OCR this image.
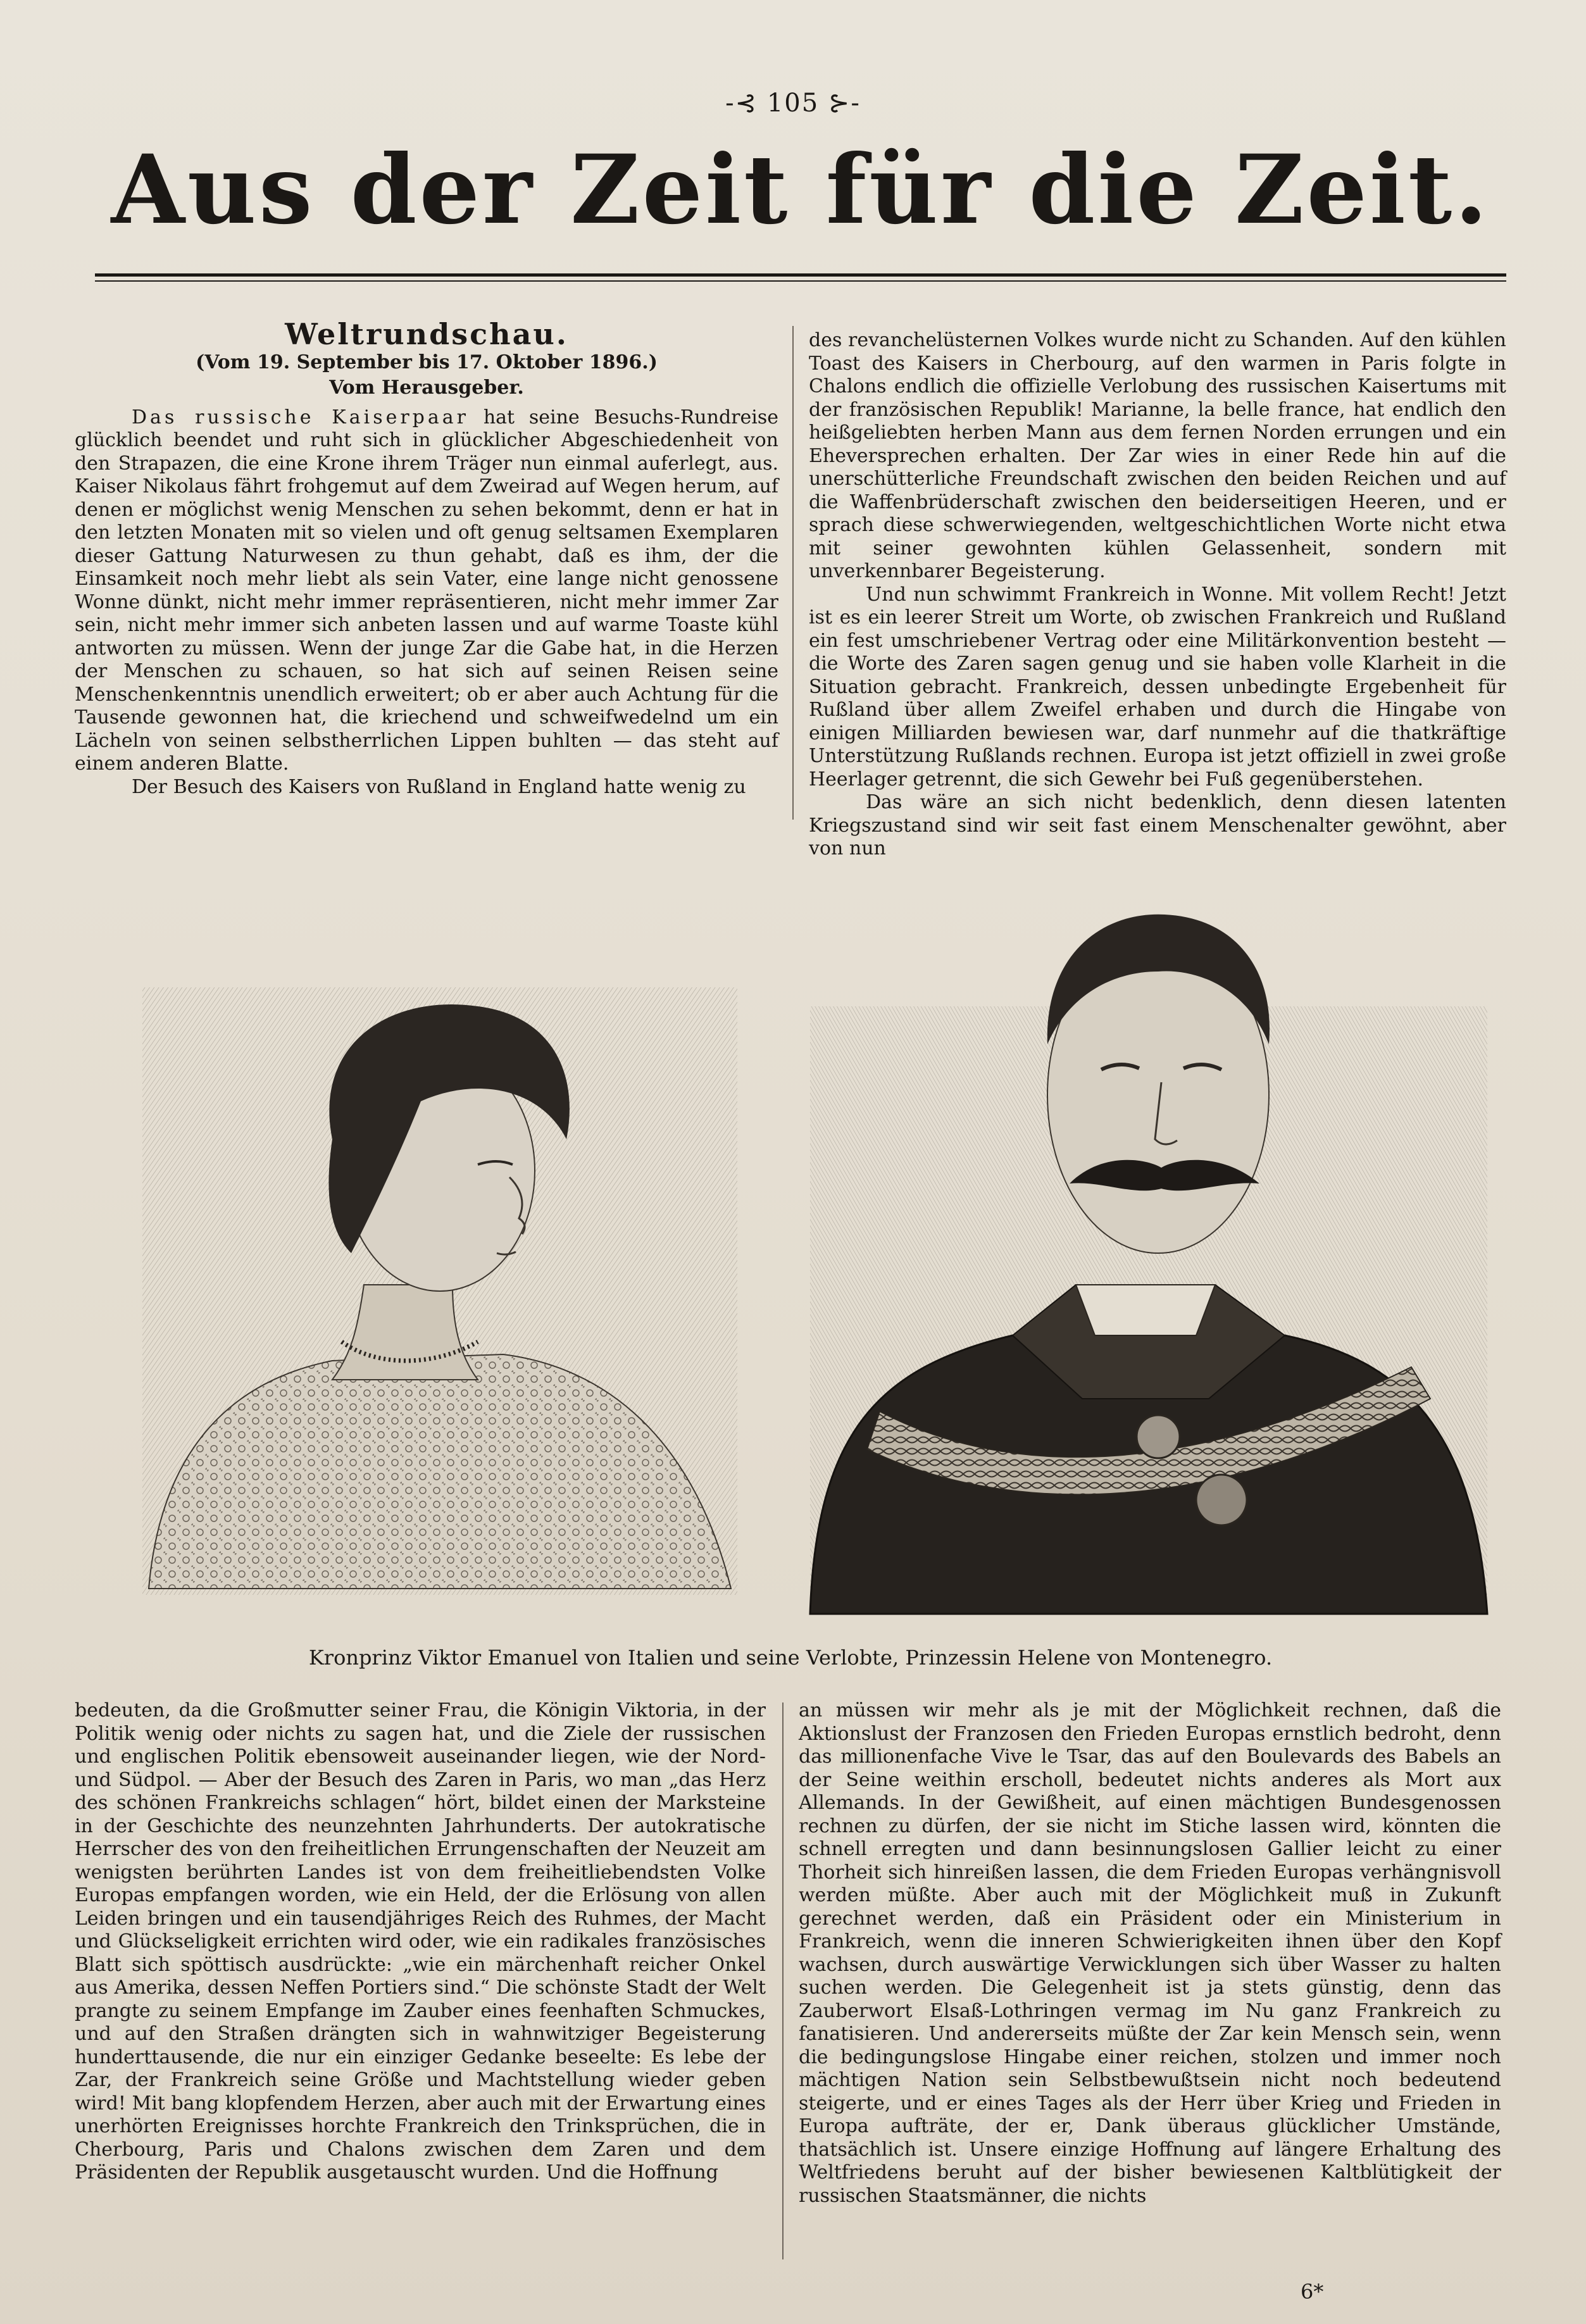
-⊰ 105 ⊱-
Aus der Zeit für die Zeit.
Weltrundschau.
(Vom 19. September bis 17. Oktober 1896.)
Vom Herausgeber.

Das russische Kaiserpaar hat seine Besuchs-Rundreise glücklich beendet und ruht sich in glücklicher Abgeschiedenheit von den Strapazen, die eine Krone ihrem Träger nun einmal auferlegt, aus. Kaiser Nikolaus fährt frohgemut auf dem Zweirad auf Wegen herum, auf denen er möglichst wenig Menschen zu sehen bekommt, denn er hat in den letzten Monaten mit so vielen und oft genug seltsamen Exemplaren dieser Gattung Naturwesen zu thun gehabt, daß es ihm, der die Einsamkeit noch mehr liebt als sein Vater, eine lange nicht genossene Wonne dünkt, nicht mehr immer repräsentieren, nicht mehr immer Zar sein, nicht mehr immer sich anbeten lassen und auf warme Toaste kühl antworten zu müssen. Wenn der junge Zar die Gabe hat, in die Herzen der Menschen zu schauen, so hat sich auf seinen Reisen seine Menschenkenntnis unendlich erweitert; ob er aber auch Achtung für die Tausende gewonnen hat, die kriechend und schweifwedelnd um ein Lächeln von seinen selbstherrlichen Lippen buhlten — das steht auf einem anderen Blatte.

Der Besuch des Kaisers von Rußland in England hatte wenig zu

des revanchelüsternen Volkes wurde nicht zu Schanden. Auf den kühlen Toast des Kaisers in Cherbourg, auf den warmen in Paris folgte in Chalons endlich die offizielle Verlobung des russischen Kaisertums mit der französischen Republik! Marianne, la belle france, hat endlich den heißgeliebten herben Mann aus dem fernen Norden errungen und ein Eheversprechen erhalten. Der Zar wies in einer Rede hin auf die unerschütterliche Freundschaft zwischen den beiden Reichen und auf die Waffenbrüderschaft zwischen den beiderseitigen Heeren, und er sprach diese schwerwiegenden, weltgeschichtlichen Worte nicht etwa mit seiner gewohnten kühlen Gelassenheit, sondern mit unverkennbarer Begeisterung.

Und nun schwimmt Frankreich in Wonne. Mit vollem Recht! Jetzt ist es ein leerer Streit um Worte, ob zwischen Frankreich und Rußland ein fest umschriebener Vertrag oder eine Militärkonvention besteht — die Worte des Zaren sagen genug und sie haben volle Klarheit in die Situation gebracht. Frankreich, dessen unbedingte Ergebenheit für Rußland über allem Zweifel erhaben und durch die Hingabe von einigen Milliarden bewiesen war, darf nunmehr auf die thatkräftige Unterstützung Rußlands rechnen. Europa ist jetzt offiziell in zwei große Heerlager getrennt, die sich Gewehr bei Fuß gegenüberstehen.

Das wäre an sich nicht bedenklich, denn diesen latenten Kriegszustand sind wir seit fast einem Menschenalter gewöhnt, aber von nun

Kronprinz Viktor Emanuel von Italien und seine Verlobte, Prinzessin Helene von Montenegro.

bedeuten, da die Großmutter seiner Frau, die Königin Viktoria, in der Politik wenig oder nichts zu sagen hat, und die Ziele der russischen und englischen Politik ebensoweit auseinander liegen, wie der Nord- und Südpol. — Aber der Besuch des Zaren in Paris, wo man „das Herz des schönen Frankreichs schlagen“ hört, bildet einen der Marksteine in der Geschichte des neunzehnten Jahrhunderts. Der autokratische Herrscher des von den freiheitlichen Errungenschaften der Neuzeit am wenigsten berührten Landes ist von dem freiheitliebendsten Volke Europas empfangen worden, wie ein Held, der die Erlösung von allen Leiden bringen und ein tausendjähriges Reich des Ruhmes, der Macht und Glückseligkeit errichten wird oder, wie ein radikales französisches Blatt sich spöttisch ausdrückte: „wie ein märchenhaft reicher Onkel aus Amerika, dessen Neffen Portiers sind.“ Die schönste Stadt der Welt prangte zu seinem Empfange im Zauber eines feenhaften Schmuckes, und auf den Straßen drängten sich in wahnwitziger Begeisterung hunderttausende, die nur ein einziger Gedanke beseelte: Es lebe der Zar, der Frankreich seine Größe und Machtstellung wieder geben wird! Mit bang klopfendem Herzen, aber auch mit der Erwartung eines unerhörten Ereignisses horchte Frankreich den Trinksprüchen, die in Cherbourg, Paris und Chalons zwischen dem Zaren und dem Präsidenten der Republik ausgetauscht wurden. Und die Hoffnung

an müssen wir mehr als je mit der Möglichkeit rechnen, daß die Aktionslust der Franzosen den Frieden Europas ernstlich bedroht, denn das millionenfache Vive le Tsar, das auf den Boulevards des Babels an der Seine weithin erscholl, bedeutet nichts anderes als Mort aux Allemands. In der Gewißheit, auf einen mächtigen Bundesgenossen rechnen zu dürfen, der sie nicht im Stiche lassen wird, könnten die schnell erregten und dann besinnungslosen Gallier leicht zu einer Thorheit sich hinreißen lassen, die dem Frieden Europas verhängnisvoll werden müßte. Aber auch mit der Möglichkeit muß in Zukunft gerechnet werden, daß ein Präsident oder ein Ministerium in Frankreich, wenn die inneren Schwierigkeiten ihnen über den Kopf wachsen, durch auswärtige Verwicklungen sich über Wasser zu halten suchen werden. Die Gelegenheit ist ja stets günstig, denn das Zauberwort Elsaß-Lothringen vermag im Nu ganz Frankreich zu fanatisieren. Und andererseits müßte der Zar kein Mensch sein, wenn die bedingungslose Hingabe einer reichen, stolzen und immer noch mächtigen Nation sein Selbstbewußtsein nicht noch bedeutend steigerte, und er eines Tages als der Herr über Krieg und Frieden in Europa aufträte, der er, Dank überaus glücklicher Umstände, thatsächlich ist. Unsere einzige Hoffnung auf längere Erhaltung des Weltfriedens beruht auf der bisher bewiesenen Kaltblütigkeit der russischen Staatsmänner, die nichts

6*
